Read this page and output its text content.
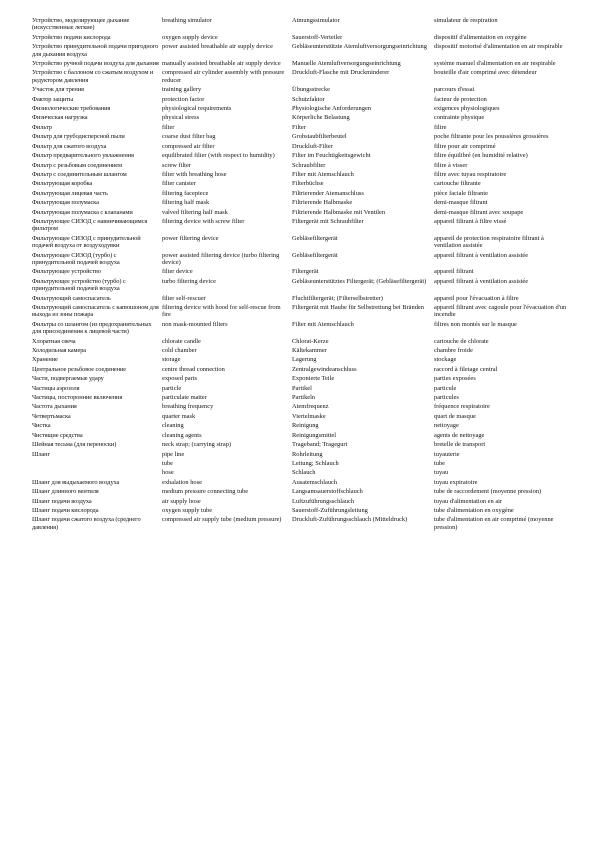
Устройство, моделирующее дыхание (искусственные легкие)	breathing simulator	Atmungssimulator	simulateur de respiration
Устройство подачи кислорода	oxygen supply device	Sauerstoff-Verteiler	dispositif d'alimentation en oxygène
Устройство принудительной подачи пригодного для дыхания воздуха	power assisted breathable air supply device	Gebläseunterstützte Atemluftversorgungseinrichtung	dispositif motorisé d'alimentation en air respirable
Устройство ручной подачи воздуха для дыхания	manually assisted breathable air supply device	Manuelle Atemluftversorgungseinrichtung	système manuel d'alimentation en air respirable
Устройство с баллоном со сжатым воздухом и редуктором давления	compressed air cylinder assembly with pressure reducer	Druckluft-Flasche mit Druckminderer	bouteille d'air comprimé avec détendeur
Участок для трения	training gallery	Übungsstrecke	parcours d'essai
Фактор защиты	protection factor	Schutzfaktor	facteur de protection
Физиологические требования	physiological requirements	Physiologische Anforderungen	exigences physiologiques
Физическая нагрузка	physical stress	Körperliche Belastung	contrainte physique
Фильтр	filter	Filter	filtre
Фильтр для грубодисперсной пыли	coarse dust filter bag	Grobstaubfilterbeutel	poche filtrante pour les poussières grossières
Фильтр для сжатого воздуха	compressed air filter	Druckluft-Filter	filtre pour air comprimé
Фильтр предварительного увлажнения	equilibrated filter (with respect to humidity)	Filter im Feuchtigkeitsgewicht	filtre équilibré (en humidité relative)
Фильтр с резьбовым соединением	screw filter	Schraubfilter	filtre à visser
Фильтр с соединительным шлангом	filter with breathing hose	Filter mit Atemschlauch	filtre avec tuyau respiratoire
Фильтрующая коробка	filter canister	Filterbüchse	cartouche filtrante
Фильтрующая лицевая часть	filtering facepiece	Filtrierender Atemanschluss	pièce faciale filtrante
Фильтрующая полумаска	filtering half mask	Filtrierende Halbmaske	demi-masque filtrant
Фильтрующая полумаска с клапанами	valved filtering half mask	Filtrierende Halbmaske mit Ventilen	demi-masque filtrant avec soupape
Фильтрующее СИЗОД с навинчивающимся фильтром	filtering device with screw filter	Filtergerät mit Schraubfilter	appareil filtrant à filtre vissé
Фильтрующее СИЗОД с принудительной подачей воздуха от воздуходувки	power filtering device	Gebläsefiltergerät	appareil de protection respiratoire filtrant à ventilation assistée
Фильтрующее СИЗОД (турбо) с принудительной подачей воздуха	power assisted filtering device (turbo filtering device)	Gebläsefiltergerät	appareil filtrant à ventilation assistée
Фильтрующее устройство	filter device	Filtergerät	appareil filtrant
Фильтрующее устройство (турбо) с принудительной подачей воздуха	turbo filtering device	Gebläseunterstütztes Filtergerät; (Gebläsefiltergerät)	appareil filtrant à ventilation assistée
Фильтрующий самоспасатель	filter self-rescuer	Fluchtfiltergerät; (Filterselbstretter)	appareil pour l'évacuation à filtre
Фильтрующий самоспасатель с капюшоном для выхода из зоны пожара	filtering device with hood for self-rescue from fire	Filtergerät mit Haube für Selbstrettung bei Bränden	appareil filtrant avec cagoule pour l'évacuation d'un incendie
Фильтры со шлангом (из предохранительных для присоединения к лицевой части)	non mask-mounted filters	Filter mit Atemschlauch	filtres non montés sur le masque
Хлоратная свеча	chlorate candle	Chlorat-Kerze	cartouche de chlorate
Холодильная камера	cold chamber	Kältekammer	chambre froide
Хранение	storage	Lagerung	stockage
Центральное резьбовое соединение	centre thread connection	Zentralgewindeanschluss	raccord à filetage central
Части, подвергаемые удару	exposed parts	Exponierte Teile	parties exposées
Частицы аэрозоля	particle	Partikel	particule
Частицы, посторонние включения	particulate matter	Partikeln	particules
Частота дыхания	breathing frequency	Atemfrequenz	fréquence respiratoire
Четвертьмаска	quarter mask	Viertelmaske	quart de masque
Чистка	cleaning	Reinigung	nettoyage
Чистящие средства	cleaning agents	Reinigungsmittel	agents de nettoyage
Шейная тесьма (для переноски)	neck strap; (carrying strap)	Trageband; Tragegurt	bretelle de transport
Шланг	pipe line	Rohrleitung	tuyauterie
	tube	Leitung; Schlauch	tube
	hose	Schlauch	tuyau
Шланг для выдыхаемого воздуха	exhalation hose	Ausatemschlauch	tuyau expiratoire
Шланг длинного вентиля	medium pressure connecting tube	Langsamsauerstoffschlauch	tube de raccordement (moyenne pression)
Шланг подачи воздуха	air supply hose	Luftzuführungsschlauch	tuyau d'alimentation en air
Шланг подачи кислорода	oxygen supply tube	Sauerstoff-Zuführungsleitung	tube d'alimentation en oxygène
Шланг подачи сжатого воздуха (среднего давления)	compressed air supply tube (medium pressure)	Druckluft-Zuführungsschlauch (Mitteldruck)	tube d'alimentation en air comprimé (moyenne pression)
